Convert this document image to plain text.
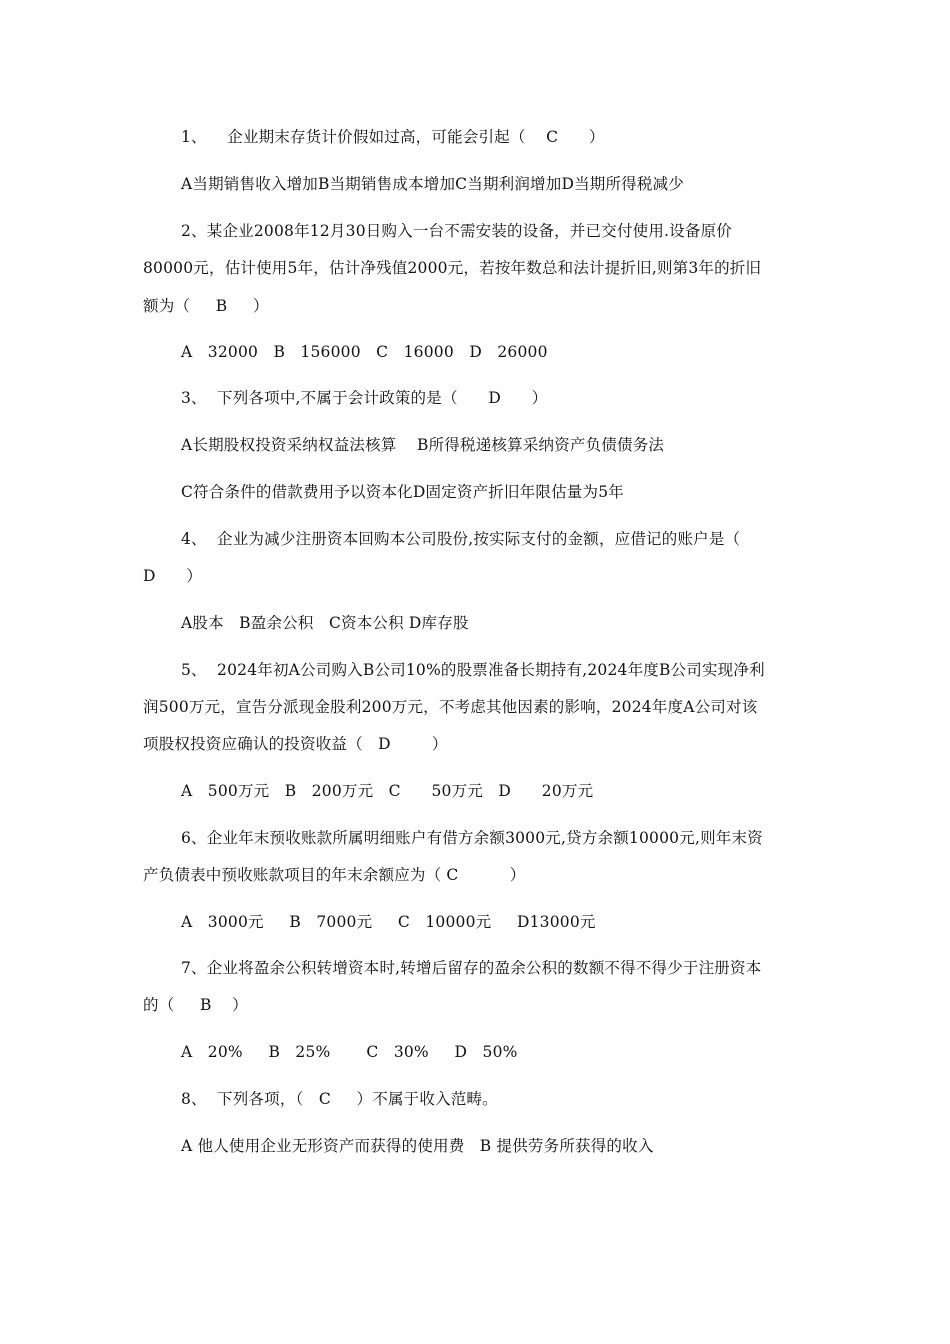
1、    企业期末存货计价假如过高，可能会引起（    C      ）
A当期销售收入增加B当期销售成本增加C当期利润增加D当期所得税减少
2、某企业2008年12月30日购入一台不需安装的设备，并已交付使用.设备原价
80000元，估计使用5年，估计净残值2000元，若按年数总和法计提折旧,则第3年的折旧
额为（     B     ）
A   32000   B   156000   C   16000   D   26000
3、  下列各项中,不属于会计政策的是（      D      ）
A长期股权投资采纳权益法核算    B所得税递核算采纳资产负债债务法
C符合条件的借款费用予以资本化D固定资产折旧年限估量为5年
4、  企业为减少注册资本回购本公司股份,按实际支付的金额，应借记的账户是（
D      ）
A股本   B盈余公积   C资本公积 D库存股
5、  2024年初A公司购入B公司10%的股票准备长期持有,2024年度B公司实现净利
润500万元，宣告分派现金股利200万元，不考虑其他因素的影响，2024年度A公司对该
项股权投资应确认的投资收益（   D        ）
A   500万元   B   200万元   C      50万元   D      20万元
6、企业年末预收账款所属明细账户有借方余额3000元,贷方余额10000元,则年末资
产负债表中预收账款项目的年末余额应为（ C          ）
A   3000元     B   7000元     C   10000元     D13000元
7、企业将盈余公积转增资本时,转增后留存的盈余公积的数额不得不得少于注册资本
的（     B    ）
A   20%     B   25%       C   30%     D   50%
8、  下列各项，（   C     ）不属于收入范畴。
A 他人使用企业无形资产而获得的使用费   B 提供劳务所获得的收入
